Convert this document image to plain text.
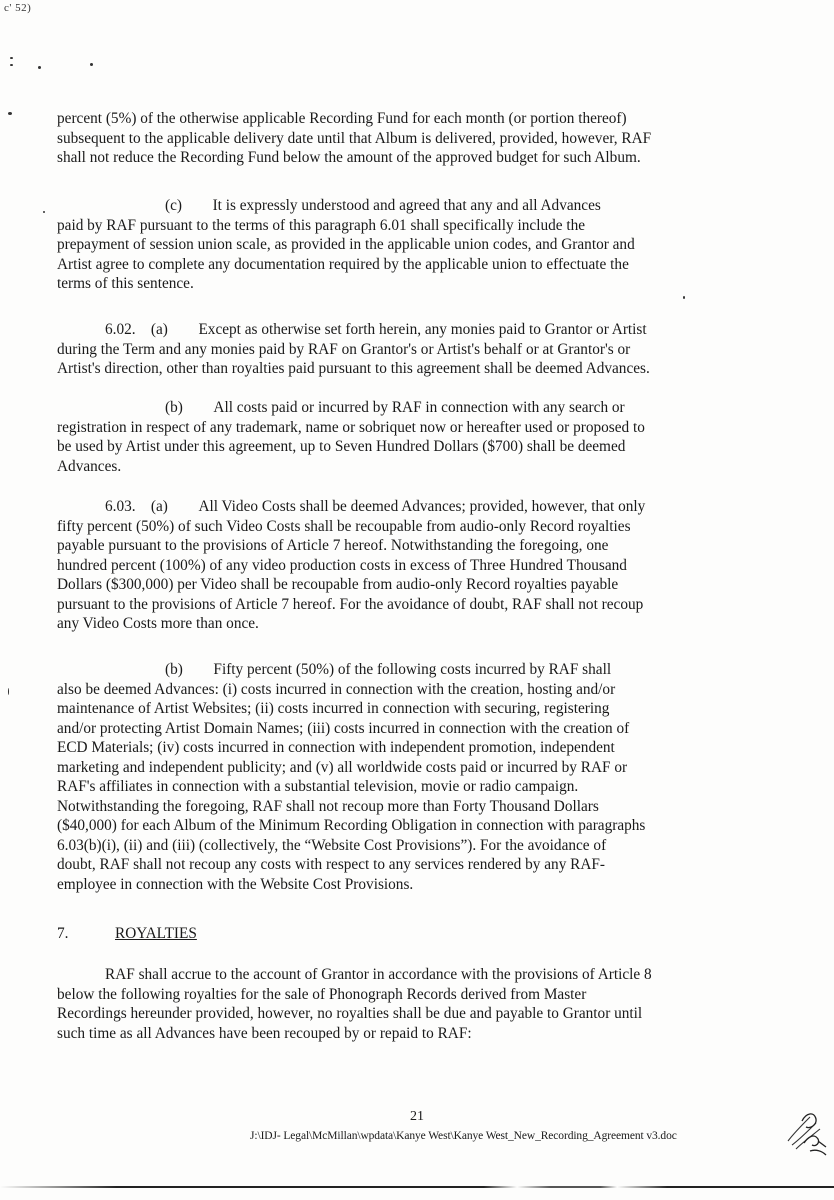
c' 52)
percent (5%) of the otherwise applicable Recording Fund for each month (or portion thereof)
subsequent to the applicable delivery date until that Album is delivered, provided, however, RAF
shall not reduce the Recording Fund below the amount of the approved budget for such Album.
(c)  It is expressly understood and agreed that any and all Advances
paid by RAF pursuant to the terms of this paragraph 6.01 shall specifically include the
prepayment of session union scale, as provided in the applicable union codes, and Grantor and
Artist agree to complete any documentation required by the applicable union to effectuate the
terms of this sentence.
6.02. (a)  Except as otherwise set forth herein, any monies paid to Grantor or Artist
during the Term and any monies paid by RAF on Grantor's or Artist's behalf or at Grantor's or
Artist's direction, other than royalties paid pursuant to this agreement shall be deemed Advances.
(b)  All costs paid or incurred by RAF in connection with any search or
registration in respect of any trademark, name or sobriquet now or hereafter used or proposed to
be used by Artist under this agreement, up to Seven Hundred Dollars ($700) shall be deemed
Advances.
6.03. (a)  All Video Costs shall be deemed Advances; provided, however, that only
fifty percent (50%) of such Video Costs shall be recoupable from audio-only Record royalties
payable pursuant to the provisions of Article 7 hereof. Notwithstanding the foregoing, one
hundred percent (100%) of any video production costs in excess of Three Hundred Thousand
Dollars ($300,000) per Video shall be recoupable from audio-only Record royalties payable
pursuant to the provisions of Article 7 hereof. For the avoidance of doubt, RAF shall not recoup
any Video Costs more than once.
(b)  Fifty percent (50%) of the following costs incurred by RAF shall
also be deemed Advances: (i) costs incurred in connection with the creation, hosting and/or
maintenance of Artist Websites; (ii) costs incurred in connection with securing, registering
and/or protecting Artist Domain Names; (iii) costs incurred in connection with the creation of
ECD Materials; (iv) costs incurred in connection with independent promotion, independent
marketing and independent publicity; and (v) all worldwide costs paid or incurred by RAF or
RAF's affiliates in connection with a substantial television, movie or radio campaign.
Notwithstanding the foregoing, RAF shall not recoup more than Forty Thousand Dollars
($40,000) for each Album of the Minimum Recording Obligation in connection with paragraphs
6.03(b)(i), (ii) and (iii) (collectively, the “Website Cost Provisions”). For the avoidance of
doubt, RAF shall not recoup any costs with respect to any services rendered by any RAF-
employee in connection with the Website Cost Provisions.
7.	ROYALTIES
RAF shall accrue to the account of Grantor in accordance with the provisions of Article 8
below the following royalties for the sale of Phonograph Records derived from Master
Recordings hereunder provided, however, no royalties shall be due and payable to Grantor until
such time as all Advances have been recouped by or repaid to RAF:
21
J:\IDJ- Legal\McMillan\wpdata\Kanye West\Kanye West_New_Recording_Agreement v3.doc
